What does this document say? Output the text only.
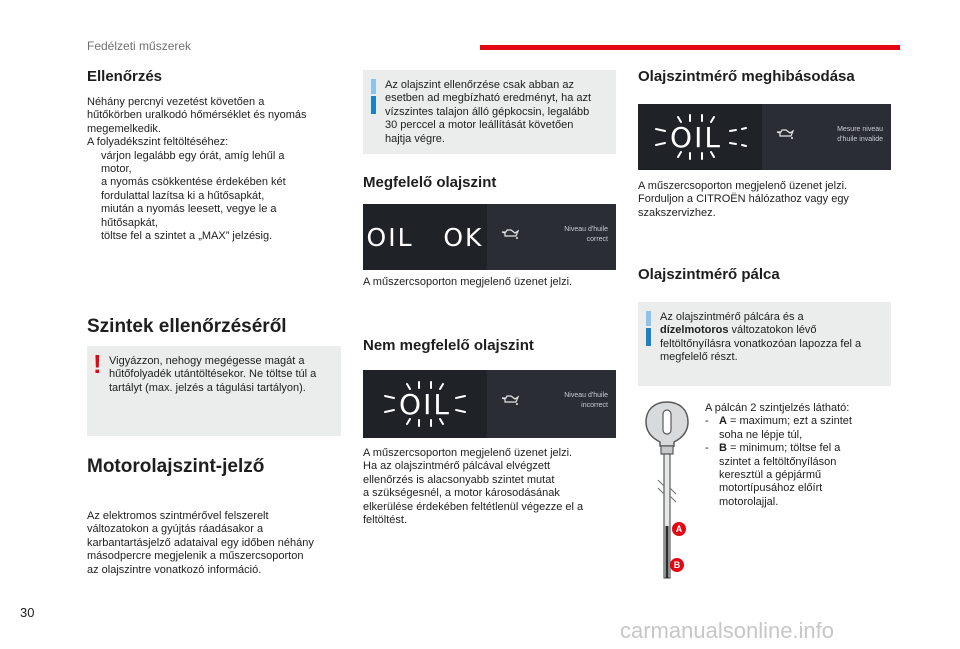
Fedélzeti műszerek
Ellenőrzés

Néhány percnyi vezetést követően a

hűtőkörben uralkodó hőmérséklet és nyomás

megemelkedik.

A folyadékszint feltöltéséhez:

várjon legalább egy órát, amíg lehűl a

motor,

a nyomás csökkentése érdekében két

fordulattal lazítsa ki a hűtősapkát,

miután a nyomás leesett, vegye le a

hűtősapkát,

töltse fel a szintet a „MAX” jelzésig.

Szintek ellenőrzéséről
! Vigyázzon, nehogy megégesse magát a

hűtőfolyadék utántöltésekor. Ne töltse túl a

tartályt (max. jelzés a tágulási tartályon).

Motorolajszint-jelző

Az elektromos szintmérővel felszerelt

változatokon a gyújtás ráadásakor a

karbantartásjelző adataival egy időben néhány

másodpercre megjelenik a műszercsoporton

az olajszintre vonatkozó információ.

Az olajszint ellenőrzése csak abban az

esetben ad megbízható eredményt, ha azt

vízszintes talajon álló gépkocsin, legalább

30 perccel a motor leállítását követően

hajtja végre.

Megfelelő olajszint
OIL   OK	Niveau d'huile
correct
A műszercsoporton megjelenő üzenet jelzi.
Nem megfelelő olajszint
OIL	Niveau d'huile
incorrect

A műszercsoporton megjelenő üzenet jelzi.

Ha az olajszintmérő pálcával elvégzett

ellenőrzés is alacsonyabb szintet mutat

a szükségesnél, a motor károsodásának

elkerülése érdekében feltétlenül végezze el a

feltöltést.

Olajszintmérő meghibásodása
OIL	Mesure niveau
d'huile invalide

A műszercsoporton megjelenő üzenet jelzi.

Forduljon a CITROËN hálózathoz vagy egy

szakszervizhez.

Olajszintmérő pálca

Az olajszintmérő pálcára és a

dízelmotoros változatokon lévő

feltöltőnyílásra vonatkozóan lapozza fel a

megfelelő részt.

A
B

A pálcán 2 szintjelzés látható:

- A = maximum; ezt a szintet

soha ne lépje túl,

- B = minimum; töltse fel a

szintet a feltöltőnyíláson

keresztül a gépjármű

motortípusához előírt

motorolajjal.

30
carmanualsonline.info
